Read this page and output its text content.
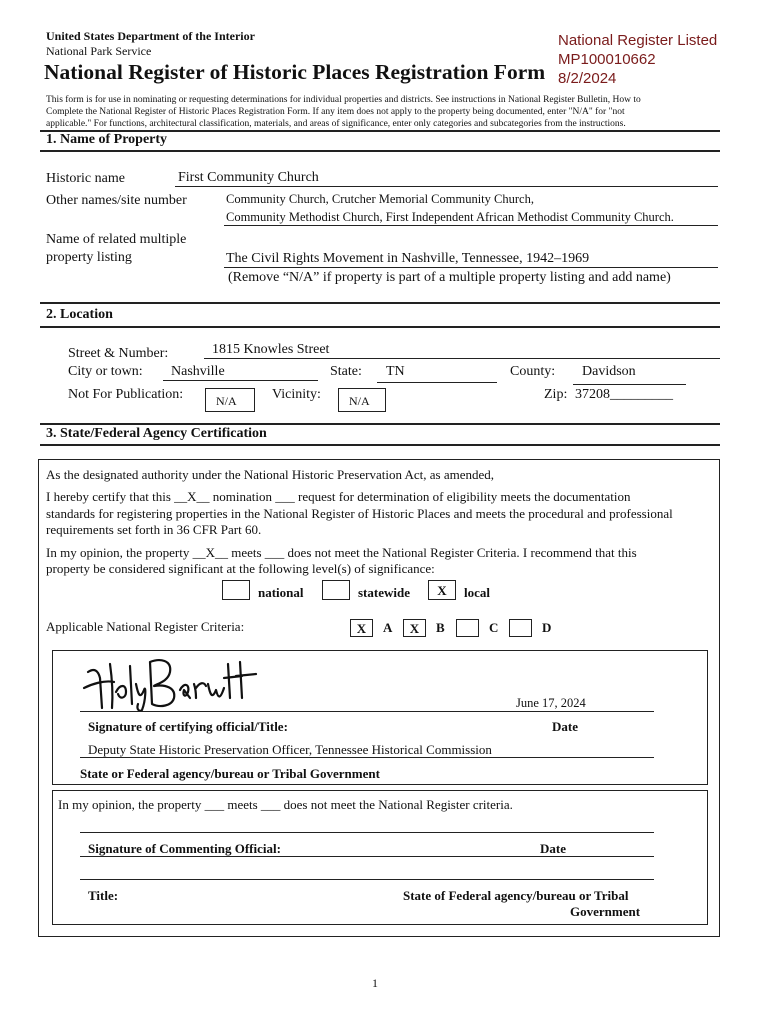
United States Department of the Interior
National Park Service
National Register of Historic Places Registration Form
National Register Listed
MP100010662
8/2/2024
This form is for use in nominating or requesting determinations for individual properties and districts. See instructions in National Register Bulletin, How to
Complete the National Register of Historic Places Registration Form. If any item does not apply to the property being documented, enter "N/A" for "not
applicable." For functions, architectural classification, materials, and areas of significance, enter only categories and subcategories from the instructions.
1. Name of Property
Historic name	First Community Church
Other names/site number	Community Church, Crutcher Memorial Community Church,
Community Methodist Church, First Independent African Methodist Community Church.
Name of related multiple
property listing	The Civil Rights Movement in Nashville, Tennessee, 1942–1969
(Remove “N/A” if property is part of a multiple property listing and add name)
2. Location
Street & Number:	1815 Knowles Street
City or town: Nashville	State: TN	County: Davidson
Not For Publication:	N/A	Vicinity: N/A	Zip: 37208_________
3. State/Federal Agency Certification
As the designated authority under the National Historic Preservation Act, as amended,
I hereby certify that this __X__ nomination ___ request for determination of eligibility meets the documentation
standards for registering properties in the National Register of Historic Places and meets the procedural and professional
requirements set forth in 36 CFR Part 60.
In my opinion, the property __X__ meets ___ does not meet the National Register Criteria. I recommend that this
property be considered significant at the following level(s) of significance:
national	statewide	X	local
Applicable National Register Criteria:	X	A	X	B	C	D
June 17, 2024
Signature of certifying official/Title:	Date
Deputy State Historic Preservation Officer, Tennessee Historical Commission
State or Federal agency/bureau or Tribal Government
In my opinion, the property ___ meets ___ does not meet the National Register criteria.
Signature of Commenting Official:	Date
Title:	State of Federal agency/bureau or Tribal
Government
1
